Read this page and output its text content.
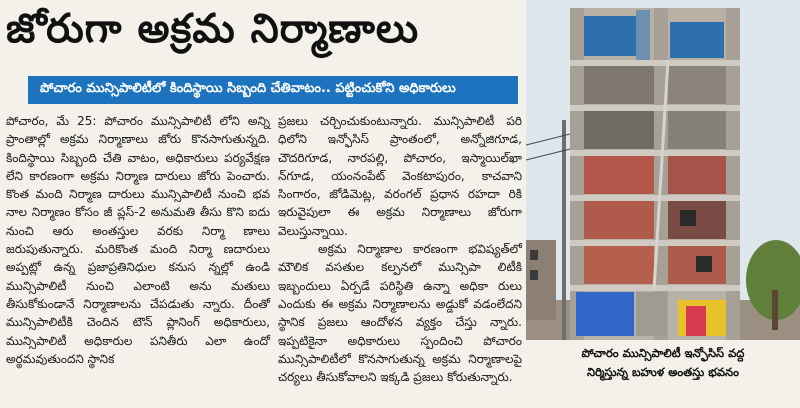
జోరుగా అక్రమ నిర్మాణాలు
పోచారం మున్సిపాలిటీలో కిందిస్థాయి సిబ్బంది చేతివాటం.. పట్టించుకోని అధికారులు

పోచారం, మే 25: పోచారం మున్సిపాలిటీ లోని అన్ని ప్రాంతాల్లో అక్రమ నిర్మాణాలు జోరు కొనసాగుతున్నది. కిందిస్థాయి సిబ్బంది చేతి వాటం, అధికారులు పర్యవేక్షణ లేని కారణంగా అక్రమ నిర్మాణ దారులు జోరు పెంచారు. కొంత మంది నిర్మాణ దారులు మున్సిపాలిటీ నుంచి భవ నాల నిర్మాణం కోసం జీ ప్లస్-2 అనుమతి తీసు కొని ఐదు నుంచి ఆరు అంతస్తుల వరకు నిర్మా ణాలు జరుపుతున్నారు. మరికొంత మంది నిర్మా ణదారులు అప్పట్లో ఉన్న ప్రజాప్రతినిధుల కనుస న్నల్లో ఉండి మున్సిపాలిటీ నుంచి ఎలాంటి అను మతులు తీసుకోకుండానే నిర్మాణాలను చేపడుతు న్నారు. దీంతో మున్సిపాలిటీకి చెందిన టౌన్ ప్లానింగ్ అధికారులు, మున్సిపాలిటీ అధికారుల పనితీరు ఎలా ఉందో అర్థమవుతుందని స్థానిక

ప్రజలు చర్చించుకుంటున్నారు. మున్సిపాలిటీ పరి ధిలోని ఇన్ఫోసిస్ ప్రాంతంలో, అన్నోజిగూడ, చౌదరిగూడ, నారపల్లి, పోచారం, ఇస్మాయిల్‌ఖా న్‌గూడ, యంనంపేట్ వెంకటాపురం, కాచవాని సింగారం, జోడిమెట్ల, వరంగల్ ప్రధాన రహదా రికి ఇరువైపులా ఈ అక్రమ నిర్మాణాలు జోరుగా వెలుస్తున్నాయి.

అక్రమ నిర్మాణాల కారణంగా భవిష్యత్‌లో మౌలిక వసతుల కల్పనలో మున్సిపా లిటీకి ఇబ్బందులు ఏర్పడే పరిస్థితి ఉన్నా అధికా రులు ఎందుకు ఈ అక్రమ నిర్మాణాలను అడ్డుకో వడంలేదని స్థానిక ప్రజలు ఆందోళన వ్యక్తం చేస్తు న్నారు. ఇప్పటికైనా అధికారులు స్పందించి పోచారం మున్సిపాలిటీలో కొనసాగుతున్న అక్రమ నిర్మాణాలపై చర్యలు తీసుకోవాలని ఇక్కడి ప్రజలు కోరుతున్నారు.

పోచారం మున్సిపాలిటీ ఇన్ఫోసిస్ వద్ద
నిర్మిస్తున్న బహుళ అంతస్తు భవనం
